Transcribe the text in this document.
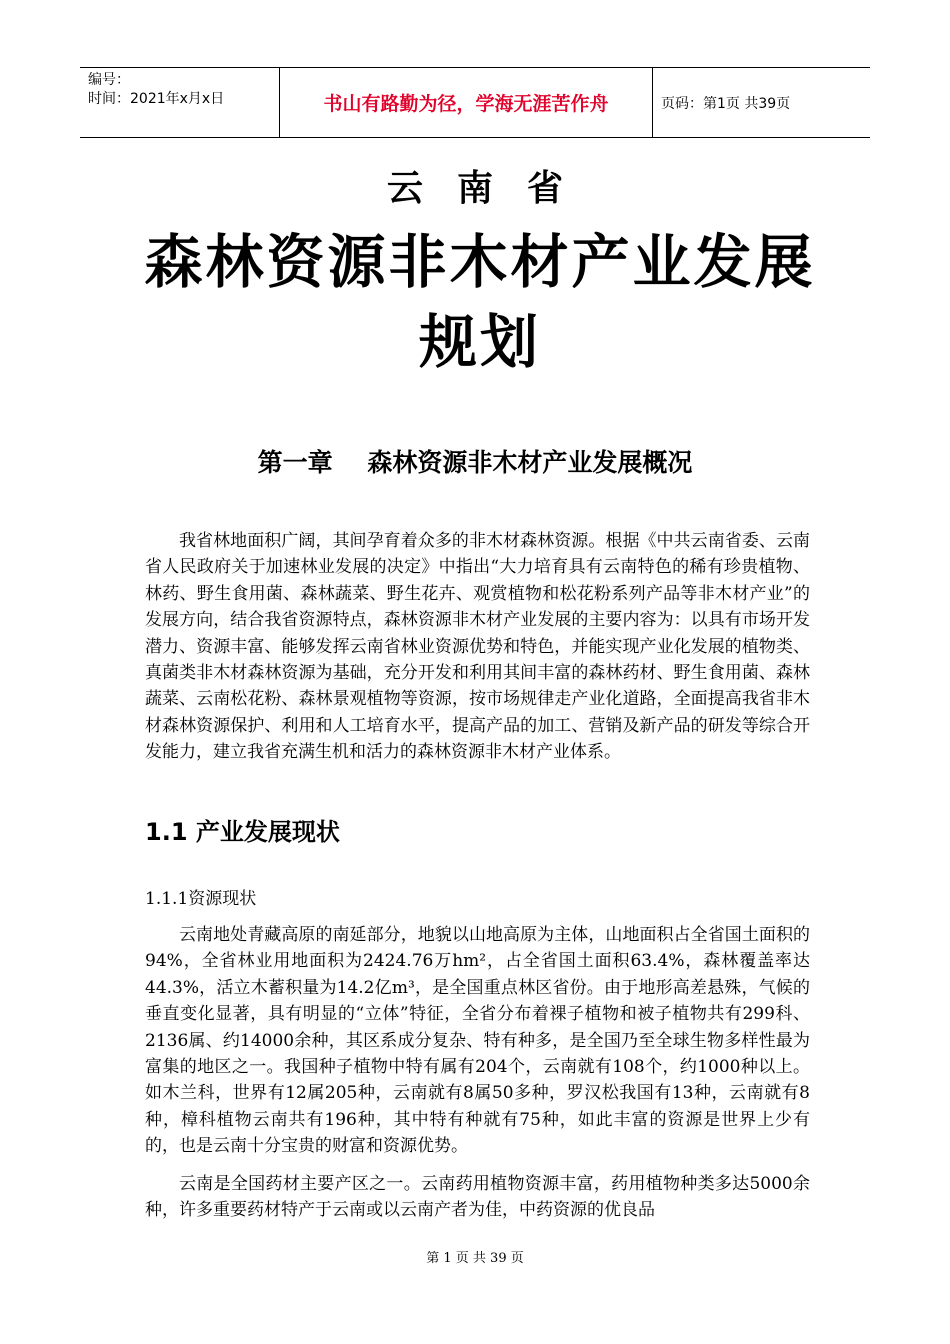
编号：
时间：2021年x月x日	书山有路勤为径，学海无涯苦作舟	页码：第1页 共39页
云南省
森林资源非木材产业发展规划
第一章    森林资源非木材产业发展概况

我省林地面积广阔，其间孕育着众多的非木材森林资源。根据《中共云南省委、云南省人民政府关于加速林业发展的决定》中指出“大力培育具有云南特色的稀有珍贵植物、林药、野生食用菌、森林蔬菜、野生花卉、观赏植物和松花粉系列产品等非木材产业”的发展方向，结合我省资源特点，森林资源非木材产业发展的主要内容为：以具有市场开发潜力、资源丰富、能够发挥云南省林业资源优势和特色，并能实现产业化发展的植物类、真菌类非木材森林资源为基础，充分开发和利用其间丰富的森林药材、野生食用菌、森林蔬菜、云南松花粉、森林景观植物等资源，按市场规律走产业化道路，全面提高我省非木材森林资源保护、利用和人工培育水平，提高产品的加工、营销及新产品的研发等综合开发能力，建立我省充满生机和活力的森林资源非木材产业体系。

1.1 产业发展现状
1.1.1资源现状

云南地处青藏高原的南延部分，地貌以山地高原为主体，山地面积占全省国土面积的94%，全省林业用地面积为2424.76万hm²，占全省国土面积63.4%，森林覆盖率达44.3%，活立木蓄积量为14.2亿m³，是全国重点林区省份。由于地形高差悬殊，气候的垂直变化显著，具有明显的“立体”特征，全省分布着裸子植物和被子植物共有299科、2136属、约14000余种，其区系成分复杂、特有种多，是全国乃至全球生物多样性最为富集的地区之一。我国种子植物中特有属有204个，云南就有108个，约1000种以上。如木兰科，世界有12属205种，云南就有8属50多种，罗汉松我国有13种，云南就有8种，樟科植物云南共有196种，其中特有种就有75种，如此丰富的资源是世界上少有的，也是云南十分宝贵的财富和资源优势。

云南是全国药材主要产区之一。云南药用植物资源丰富，药用植物种类多达5000余种，许多重要药材特产于云南或以云南产者为佳，中药资源的优良品

第 1 页 共 39 页
